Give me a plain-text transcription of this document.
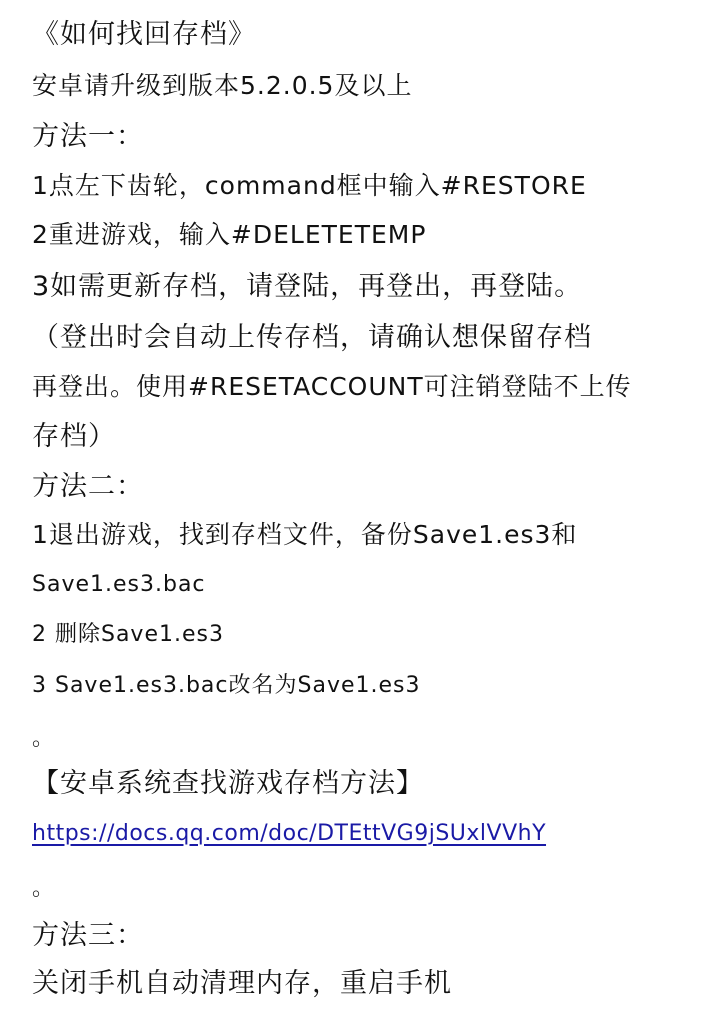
《如何找回存档》
安卓请升级到版本5.2.0.5及以上
方法一：
1点左下齿轮，command框中输入#RESTORE
2重进游戏，输入#DELETETEMP
3如需更新存档，请登陆，再登出，再登陆。
（登出时会自动上传存档，请确认想保留存档
再登出。使用#RESETACCOUNT可注销登陆不上传
存档）
方法二：
1退出游戏，找到存档文件，备份Save1.es3和
Save1.es3.bac
2 删除Save1.es3
3 Save1.es3.bac改名为Save1.es3
。
【安卓系统查找游戏存档方法】
https://docs.qq.com/doc/DTEttVG9jSUxlVVhY
。
方法三：
关闭手机自动清理内存，重启手机
